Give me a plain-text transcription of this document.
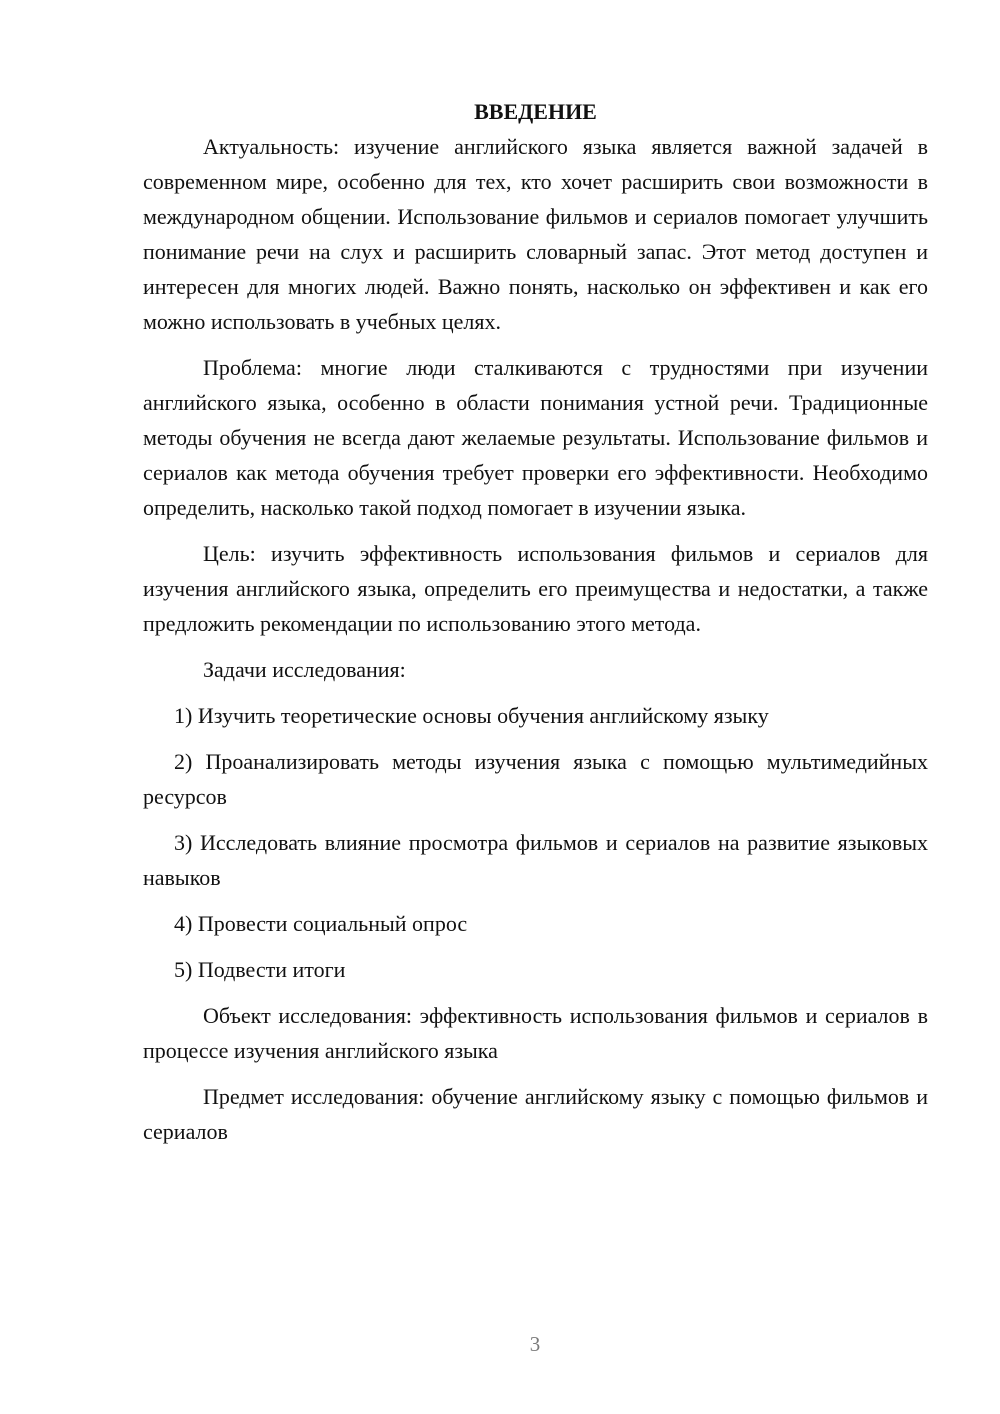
ВВЕДЕНИЕ

Актуальность: изучение английского языка является важной задачей в современном мире, особенно для тех, кто хочет расширить свои возможности в международном общении. Использование фильмов и сериалов помогает улучшить понимание речи на слух и расширить словарный запас. Этот метод доступен и интересен для многих людей. Важно понять, насколько он эффективен и как его можно использовать в учебных целях.

Проблема: многие люди сталкиваются с трудностями при изучении английского языка, особенно в области понимания устной речи. Традиционные методы обучения не всегда дают желаемые результаты. Использование фильмов и сериалов как метода обучения требует проверки его эффективности. Необходимо определить, насколько такой подход помогает в изучении языка.

Цель: изучить эффективность использования фильмов и сериалов для изучения английского языка, определить его преимущества и недостатки, а также предложить рекомендации по использованию этого метода.

Задачи исследования:

1) Изучить теоретические основы обучения английскому языку

2) Проанализировать методы изучения языка с помощью мультимедийных ресурсов

3) Исследовать влияние просмотра фильмов и сериалов на развитие языковых навыков

4) Провести социальный опрос

5) Подвести итоги

Объект исследования: эффективность использования фильмов и сериалов в процессе изучения английского языка

Предмет исследования: обучение английскому языку с помощью фильмов и сериалов

3
